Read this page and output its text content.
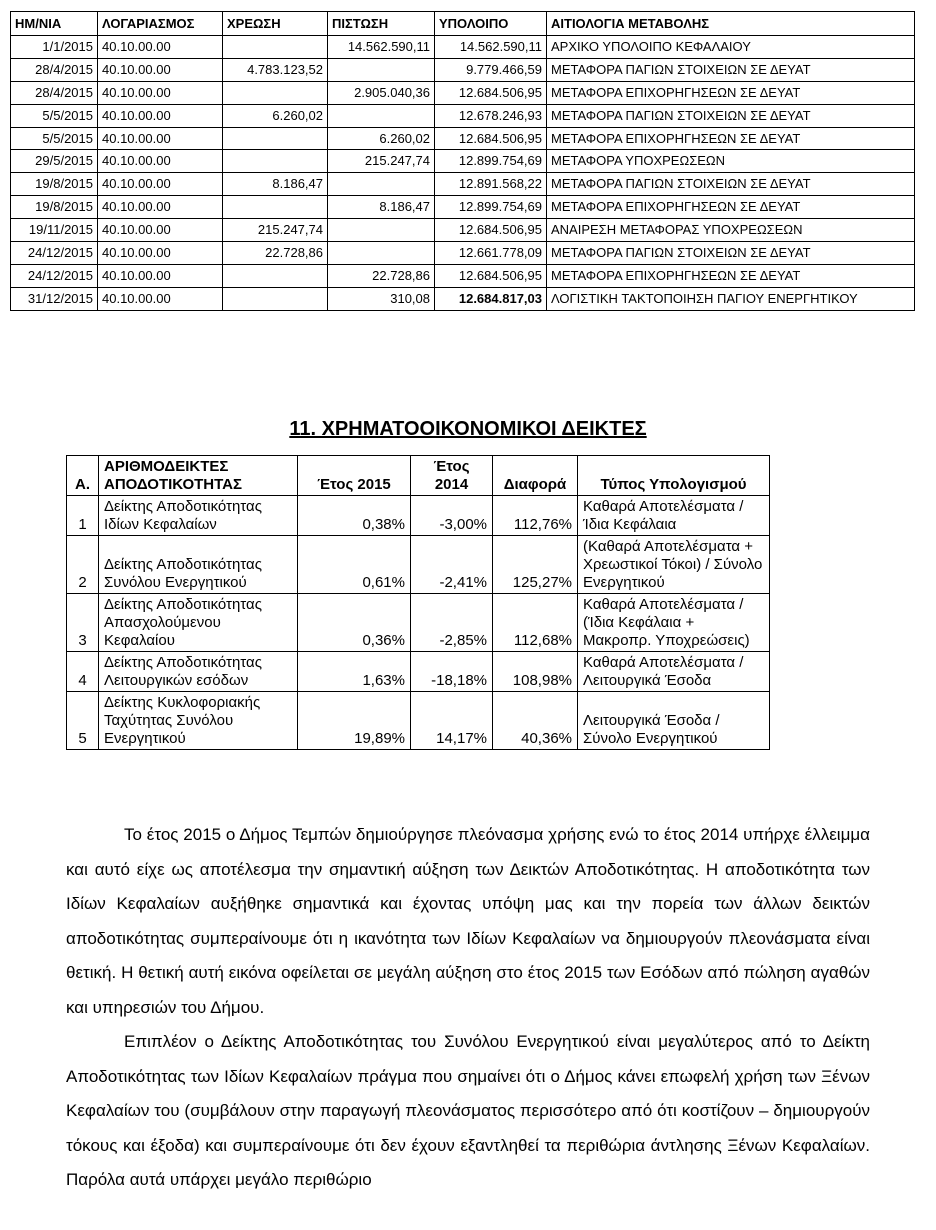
ΗΜ/ΝΙΑ	ΛΟΓΑΡΙΑΣΜΟΣ	ΧΡΕΩΣΗ	ΠΙΣΤΩΣΗ	ΥΠΟΛΟΙΠΟ	ΑΙΤΙΟΛΟΓΙΑ ΜΕΤΑΒΟΛΗΣ
1/1/2015	40.10.00.00		14.562.590,11	14.562.590,11	ΑΡΧΙΚΟ ΥΠΟΛΟΙΠΟ ΚΕΦΑΛΑΙΟΥ
28/4/2015	40.10.00.00	4.783.123,52		9.779.466,59	ΜΕΤΑΦΟΡΑ ΠΑΓΙΩΝ ΣΤΟΙΧΕΙΩΝ ΣΕ ΔΕΥΑΤ
28/4/2015	40.10.00.00		2.905.040,36	12.684.506,95	ΜΕΤΑΦΟΡΑ ΕΠΙΧΟΡΗΓΗΣΕΩΝ ΣΕ ΔΕΥΑΤ
5/5/2015	40.10.00.00	6.260,02		12.678.246,93	ΜΕΤΑΦΟΡΑ ΠΑΓΙΩΝ ΣΤΟΙΧΕΙΩΝ ΣΕ ΔΕΥΑΤ
5/5/2015	40.10.00.00		6.260,02	12.684.506,95	ΜΕΤΑΦΟΡΑ ΕΠΙΧΟΡΗΓΗΣΕΩΝ ΣΕ ΔΕΥΑΤ
29/5/2015	40.10.00.00		215.247,74	12.899.754,69	ΜΕΤΑΦΟΡΑ ΥΠΟΧΡΕΩΣΕΩΝ
19/8/2015	40.10.00.00	8.186,47		12.891.568,22	ΜΕΤΑΦΟΡΑ ΠΑΓΙΩΝ ΣΤΟΙΧΕΙΩΝ ΣΕ ΔΕΥΑΤ
19/8/2015	40.10.00.00		8.186,47	12.899.754,69	ΜΕΤΑΦΟΡΑ ΕΠΙΧΟΡΗΓΗΣΕΩΝ ΣΕ ΔΕΥΑΤ
19/11/2015	40.10.00.00	215.247,74		12.684.506,95	ΑΝΑΙΡΕΣΗ ΜΕΤΑΦΟΡΑΣ ΥΠΟΧΡΕΩΣΕΩΝ
24/12/2015	40.10.00.00	22.728,86		12.661.778,09	ΜΕΤΑΦΟΡΑ ΠΑΓΙΩΝ ΣΤΟΙΧΕΙΩΝ ΣΕ ΔΕΥΑΤ
24/12/2015	40.10.00.00		22.728,86	12.684.506,95	ΜΕΤΑΦΟΡΑ ΕΠΙΧΟΡΗΓΗΣΕΩΝ ΣΕ ΔΕΥΑΤ
31/12/2015	40.10.00.00		310,08	12.684.817,03	ΛΟΓΙΣΤΙΚΗ ΤΑΚΤΟΠΟΙΗΣΗ ΠΑΓΙΟΥ ΕΝΕΡΓΗΤΙΚΟΥ
11. ΧΡΗΜΑΤΟΟΙΚΟΝΟΜΙΚΟΙ ΔΕΙΚΤΕΣ
Α.	ΑΡΙΘΜΟΔΕΙΚΤΕΣ ΑΠΟΔΟΤΙΚΟΤΗΤΑΣ	Έτος 2015	Έτος 2014	Διαφορά	Τύπος Υπολογισμού
1	Δείκτης Αποδοτικότητας Ιδίων Κεφαλαίων	0,38%	-3,00%	112,76%	Καθαρά Αποτελέσματα / Ίδια Κεφάλαια
2	Δείκτης Αποδοτικότητας Συνόλου Ενεργητικού	0,61%	-2,41%	125,27%	(Καθαρά Αποτελέσματα + Χρεωστικοί Τόκοι) / Σύνολο Ενεργητικού
3	Δείκτης Αποδοτικότητας Απασχολούμενου Κεφαλαίου	0,36%	-2,85%	112,68%	Καθαρά Αποτελέσματα / (Ίδια Κεφάλαια + Μακροπρ. Υποχρεώσεις)
4	Δείκτης Αποδοτικότητας Λειτουργικών εσόδων	1,63%	-18,18%	108,98%	Καθαρά Αποτελέσματα / Λειτουργικά Έσοδα
5	Δείκτης Κυκλοφοριακής Ταχύτητας Συνόλου Ενεργητικού	19,89%	14,17%	40,36%	Λειτουργικά Έσοδα / Σύνολο Ενεργητικού

Το έτος 2015 ο Δήμος Τεμπών δημιούργησε πλεόνασμα χρήσης ενώ το έτος 2014 υπήρχε έλλειμμα και αυτό είχε ως αποτέλεσμα την σημαντική αύξηση των Δεικτών Αποδοτικότητας. Η αποδοτικότητα των Ιδίων Κεφαλαίων αυξήθηκε σημαντικά και έχοντας υπόψη μας και την πορεία των άλλων δεικτών αποδοτικότητας συμπεραίνουμε ότι η ικανότητα των Ιδίων Κεφαλαίων να δημιουργούν πλεονάσματα είναι θετική. Η θετική αυτή εικόνα οφείλεται σε μεγάλη αύξηση στο έτος 2015 των Εσόδων από πώληση αγαθών και υπηρεσιών του Δήμου.

Επιπλέον ο Δείκτης Αποδοτικότητας του Συνόλου Ενεργητικού είναι μεγαλύτερος από το Δείκτη Αποδοτικότητας των Ιδίων Κεφαλαίων πράγμα που σημαίνει ότι ο Δήμος κάνει επωφελή χρήση των Ξένων Κεφαλαίων του (συμβάλουν στην παραγωγή πλεονάσματος περισσότερο από ότι κοστίζουν – δημιουργούν τόκους και έξοδα) και συμπεραίνουμε ότι δεν έχουν εξαντληθεί τα περιθώρια άντλησης Ξένων Κεφαλαίων. Παρόλα αυτά υπάρχει μεγάλο περιθώριο
